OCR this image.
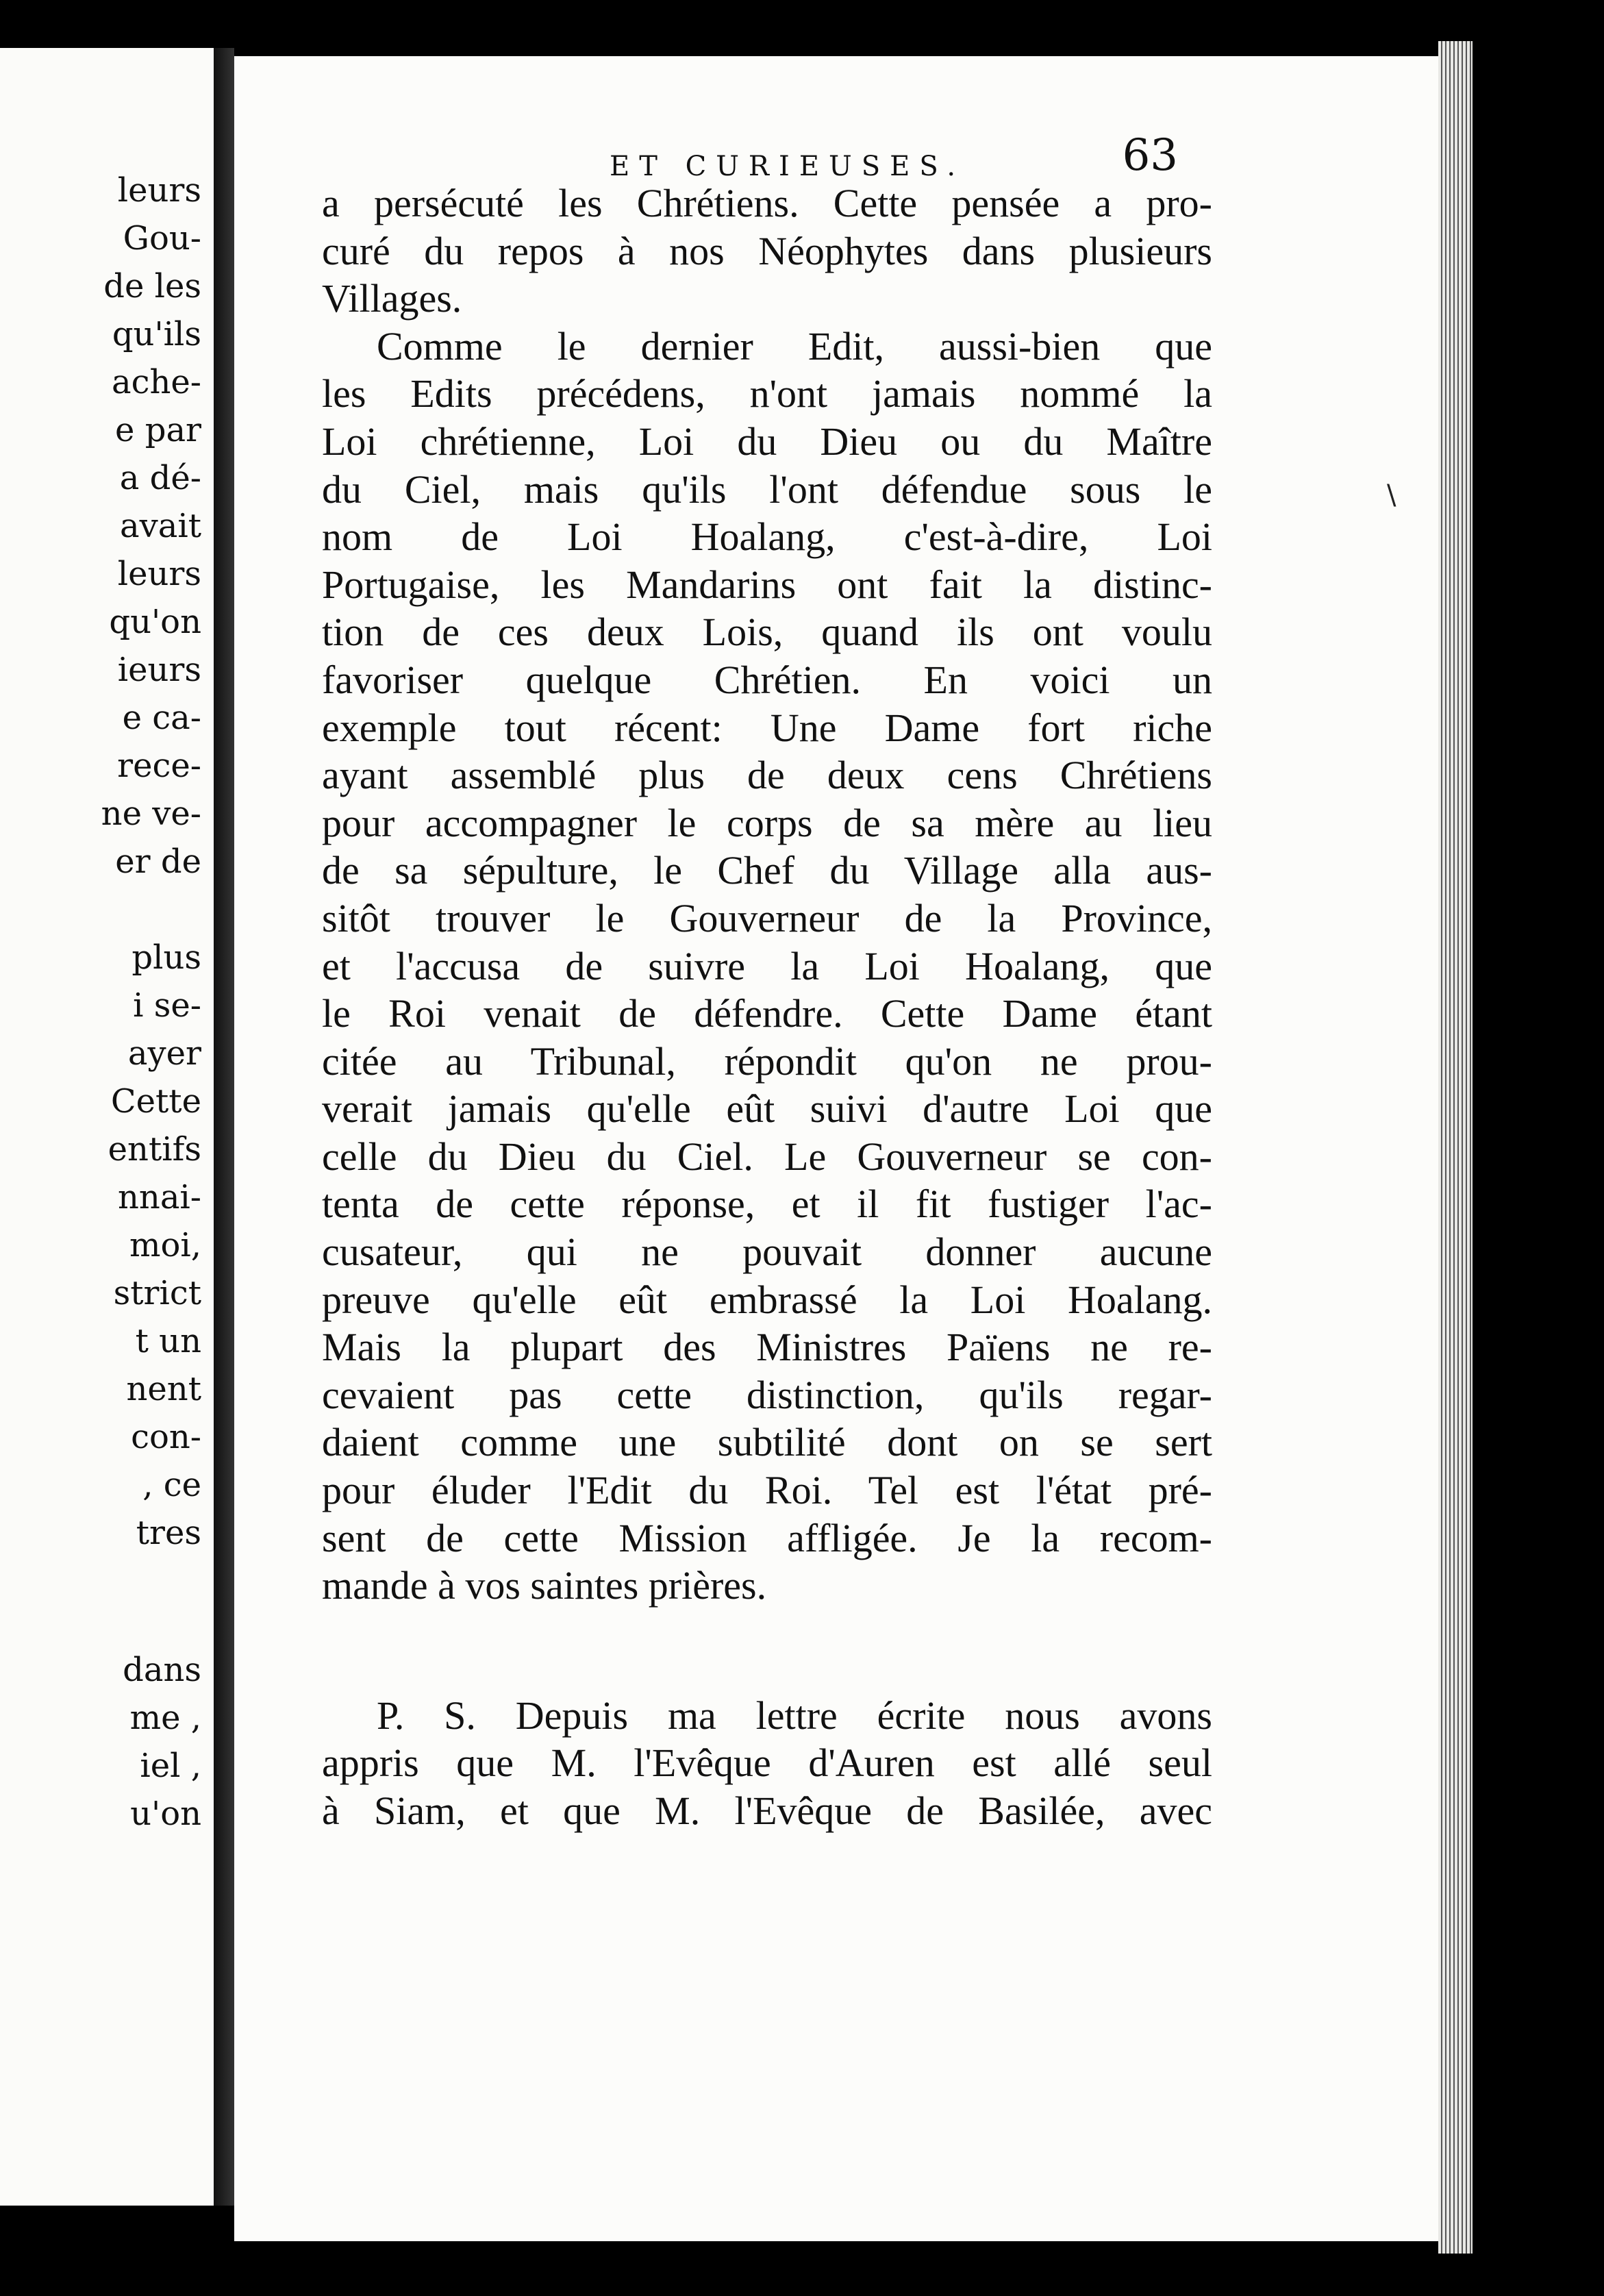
leurs
Gou-
de les
qu'ils
ache-
e par
a dé-
avait
leurs
qu'on
ieurs
e ca-
rece-
ne ve-
er de
plus
i se-
ayer
Cette
entifs
nnai-
moi,
strict
t un
nent
con-
, ce
tres
dans
me ,
iel ,
u'on
ET CURIEUSES.	63
a persécuté les Chrétiens. Cette pensée a pro-
curé du repos à nos Néophytes dans plusieurs
Villages.
Comme le dernier Edit, aussi-bien que
les Edits précédens, n'ont jamais nommé la
Loi chrétienne, Loi du Dieu ou du Maître
du Ciel, mais qu'ils l'ont défendue sous le
nom de Loi Hoalang, c'est-à-dire, Loi
Portugaise, les Mandarins ont fait la distinc-
tion de ces deux Lois, quand ils ont voulu
favoriser quelque Chrétien. En voici un
exemple tout récent: Une Dame fort riche
ayant assemblé plus de deux cens Chrétiens
pour accompagner le corps de sa mère au lieu
de sa sépulture, le Chef du Village alla aus-
sitôt trouver le Gouverneur de la Province,
et l'accusa de suivre la Loi Hoalang, que
le Roi venait de défendre. Cette Dame étant
citée au Tribunal, répondit qu'on ne prou-
verait jamais qu'elle eût suivi d'autre Loi que
celle du Dieu du Ciel. Le Gouverneur se con-
tenta de cette réponse, et il fit fustiger l'ac-
cusateur, qui ne pouvait donner aucune
preuve qu'elle eût embrassé la Loi Hoalang.
Mais la plupart des Ministres Païens ne re-
cevaient pas cette distinction, qu'ils regar-
daient comme une subtilité dont on se sert
pour éluder l'Edit du Roi. Tel est l'état pré-
sent de cette Mission affligée. Je la recom-
mande à vos saintes prières.
P. S. Depuis ma lettre écrite nous avons
appris que M. l'Evêque d'Auren est allé seul
à Siam, et que M. l'Evêque de Basilée, avec
\
